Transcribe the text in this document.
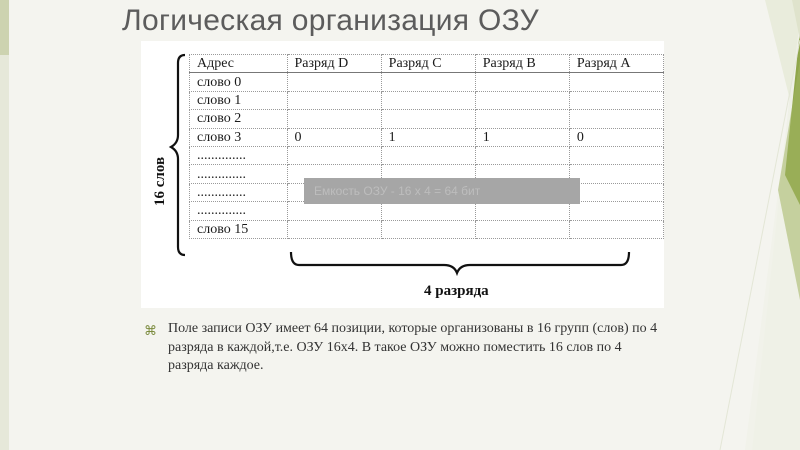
Логическая организация ОЗУ
Адрес	Разряд D	Разряд C	Разряд B	Разряд A
слово 0				
слово 1				
слово 2				
слово 3	0	1	1	0
..............				
..............				
..............				
..............				
слово 15				
16 слов
4 разряда
Емкость ОЗУ - 16 х 4 = 64 бит
⌘ Поле записи ОЗУ имеет 64 позиции, которые организованы в 16 групп (слов) по 4 разряда в каждой,т.е. ОЗУ 16х4. В такое ОЗУ можно поместить 16 слов по 4 разряда каждое.
